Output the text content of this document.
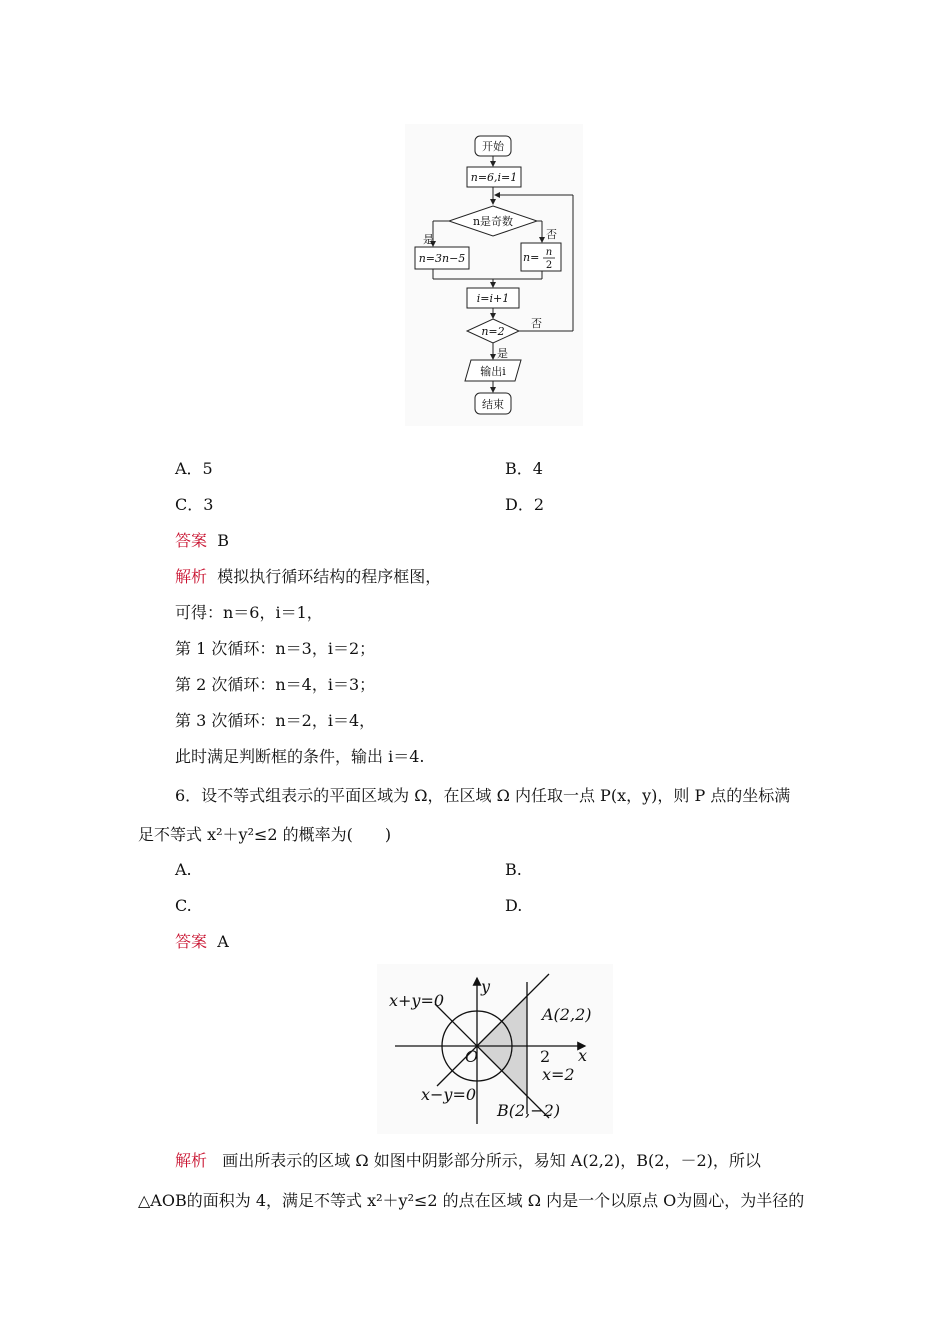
开始
n=6,i=1
n是奇数
是	否
n=3n−5	n= n
2
i=i+1
n=2
否
是
输出i
结束
A．5	B．4
C．3	D．2
答案 B
解析 模拟执行循环结构的程序框图，
可得：n＝6，i＝1，
第 1 次循环：n＝3，i＝2；
第 2 次循环：n＝4，i＝3；
第 3 次循环：n＝2，i＝4，
此时满足判断框的条件，输出 i＝4.
6．设不等式组表示的平面区域为 Ω，在区域 Ω 内任取一点 P(x，y)，则 P 点的坐标满
足不等式 x²＋y²≤2 的概率为(　　)
A.	B.
C.	D.
答案 A
x+y=0
x−y=0
y
x
O
A(2,2)
B(2,−2)
x=2
2
解析 画出所表示的区域 Ω 如图中阴影部分所示，易知 A(2,2)，B(2，－2)，所以
△AOB的面积为 4，满足不等式 x²＋y²≤2 的点在区域 Ω 内是一个以原点 O为圆心，为半径的
